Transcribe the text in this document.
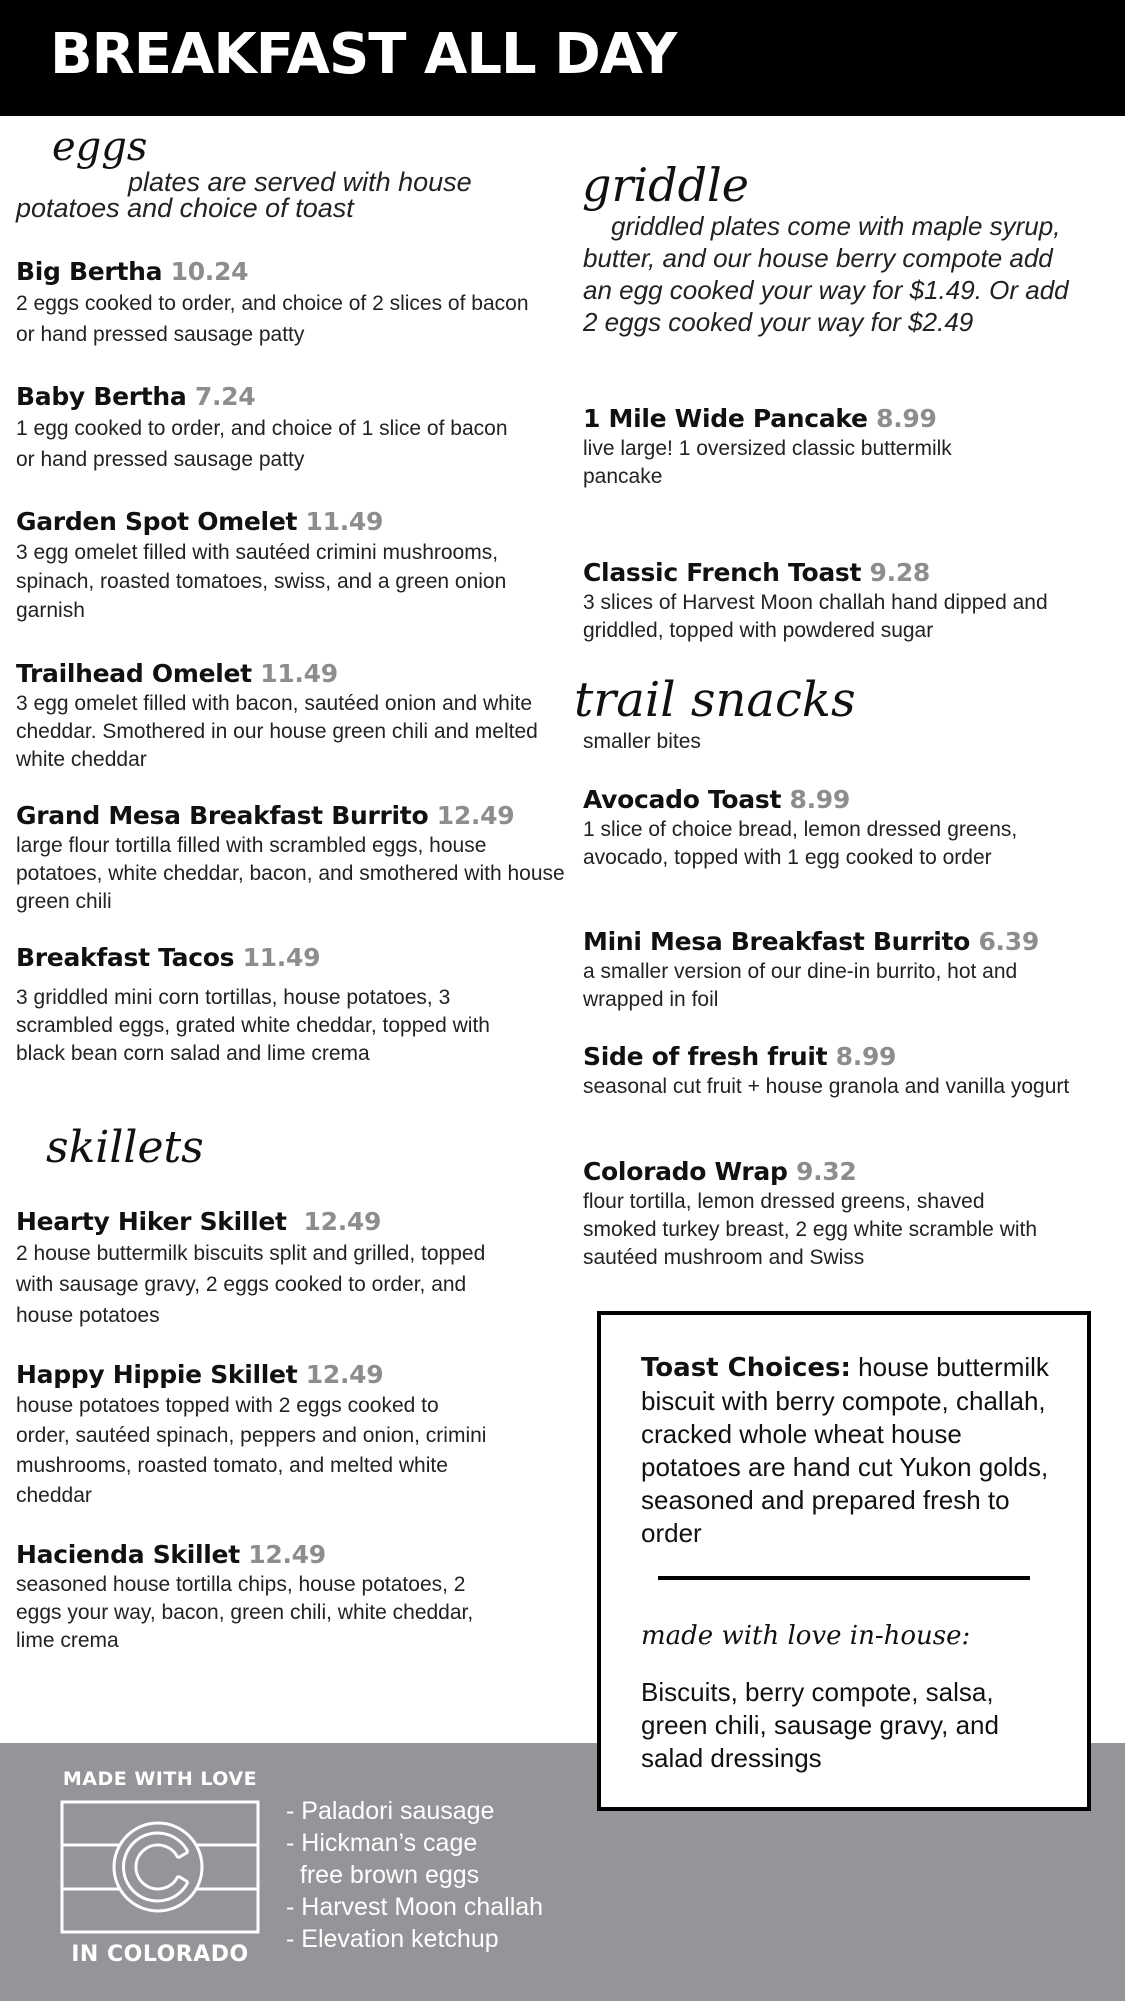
BREAKFAST ALL DAY
eggs
plates are served with house
potatoes and choice of toast
Big Bertha 10.24
2 eggs cooked to order, and choice of 2 slices of bacon or hand pressed sausage patty
Baby Bertha 7.24
1 egg cooked to order, and choice of 1 slice of bacon or hand pressed sausage patty
Garden Spot Omelet 11.49
3 egg omelet filled with sautéed crimini mushrooms, spinach, roasted tomatoes, swiss, and a green onion garnish
Trailhead Omelet 11.49
3 egg omelet filled with bacon, sautéed onion and white cheddar. Smothered in our house green chili and melted white cheddar
Grand Mesa Breakfast Burrito 12.49
large flour tortilla filled with scrambled eggs, house potatoes, white cheddar, bacon, and smothered with house green chili
Breakfast Tacos 11.49
3 griddled mini corn tortillas, house potatoes, 3 scrambled eggs, grated white cheddar, topped with black bean corn salad and lime crema
skillets
Hearty Hiker Skillet 12.49
2 house buttermilk biscuits split and grilled, topped with sausage gravy, 2 eggs cooked to order, and house potatoes
Happy Hippie Skillet 12.49
house potatoes topped with 2 eggs cooked to order, sautéed spinach, peppers and onion, crimini mushrooms, roasted tomato, and melted white cheddar
Hacienda Skillet 12.49
seasoned house tortilla chips, house potatoes, 2 eggs your way, bacon, green chili, white cheddar, lime crema
griddle
griddled plates come with maple syrup, butter, and our house berry compote add an egg cooked your way for $1.49. Or add 2 eggs cooked your way for $2.49
1 Mile Wide Pancake 8.99
live large! 1 oversized classic buttermilk pancake
Classic French Toast 9.28
3 slices of Harvest Moon challah hand dipped and griddled, topped with powdered sugar
trail snacks
smaller bites
Avocado Toast 8.99
1 slice of choice bread, lemon dressed greens, avocado, topped with 1 egg cooked to order
Mini Mesa Breakfast Burrito 6.39
a smaller version of our dine-in burrito, hot and wrapped in foil
Side of fresh fruit 8.99
seasonal cut fruit + house granola and vanilla yogurt
Colorado Wrap 9.32
flour tortilla, lemon dressed greens, shaved smoked turkey breast, 2 egg white scramble with sautéed mushroom and Swiss
MADE WITH LOVE
IN COLORADO
- Paladori sausage
- Hickman’s cage
free brown eggs
- Harvest Moon challah
- Elevation ketchup
Toast Choices: house buttermilk biscuit with berry compote, challah, cracked whole wheat house potatoes are hand cut Yukon golds, seasoned and prepared fresh to order
made with love in-house:
Biscuits, berry compote, salsa, green chili, sausage gravy, and salad dressings
